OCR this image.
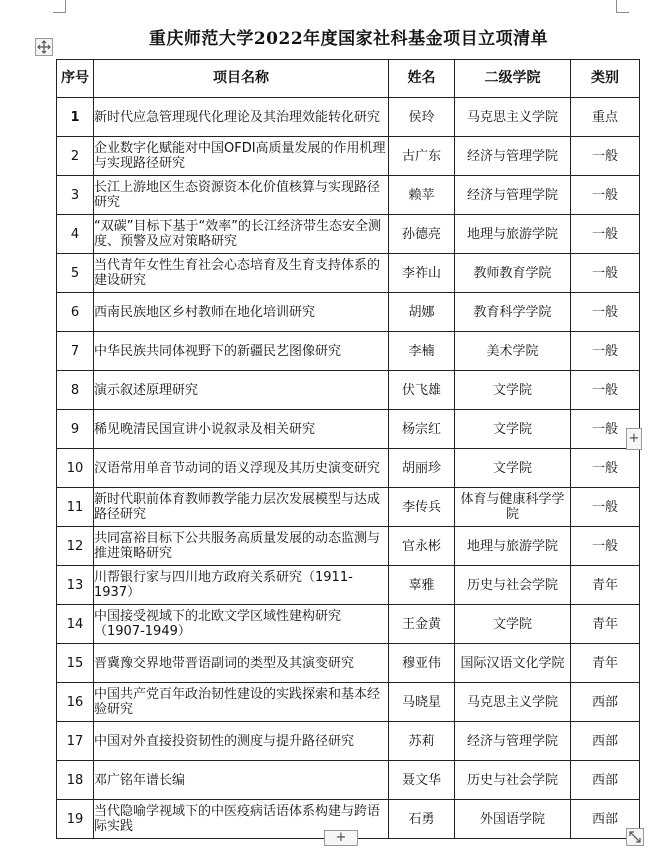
重庆师范大学2022年度国家社科基金项目立项清单
序号	项目名称	姓名	二级学院	类别
1	新时代应急管理现代化理论及其治理效能转化研究	侯玲	马克思主义学院	重点
2	企业数字化赋能对中国OFDI高质量发展的作用机理与实现路径研究	古广东	经济与管理学院	一般
3	长江上游地区生态资源资本化价值核算与实现路径研究	赖苹	经济与管理学院	一般
4	“双碳”目标下基于“效率”的长江经济带生态安全测度、预警及应对策略研究	孙德亮	地理与旅游学院	一般
5	当代青年女性生育社会心态培育及生育支持体系的建设研究	李祚山	教师教育学院	一般
6	西南民族地区乡村教师在地化培训研究	胡娜	教育科学学院	一般
7	中华民族共同体视野下的新疆民艺图像研究	李楠	美术学院	一般
8	演示叙述原理研究	伏飞雄	文学院	一般
9	稀见晚清民国宣讲小说叙录及相关研究	杨宗红	文学院	一般
10	汉语常用单音节动词的语义浮现及其历史演变研究	胡丽珍	文学院	一般
11	新时代职前体育教师教学能力层次发展模型与达成路径研究	李传兵	体育与健康科学学院	一般
12	共同富裕目标下公共服务高质量发展的动态监测与推进策略研究	官永彬	地理与旅游学院	一般
13	川帮银行家与四川地方政府关系研究（1911-1937）	辜雅	历史与社会学院	青年
14	中国接受视域下的北欧文学区域性建构研究（1907-1949）	王金黄	文学院	青年
15	晋冀豫交界地带晋语副词的类型及其演变研究	穆亚伟	国际汉语文化学院	青年
16	中国共产党百年政治韧性建设的实践探索和基本经验研究	马晓星	马克思主义学院	西部
17	中国对外直接投资韧性的测度与提升路径研究	苏莉	经济与管理学院	西部
18	邓广铭年谱长编	聂文华	历史与社会学院	西部
19	当代隐喻学视域下的中医疫病话语体系构建与跨语际实践	石勇	外国语学院	西部
+
+
